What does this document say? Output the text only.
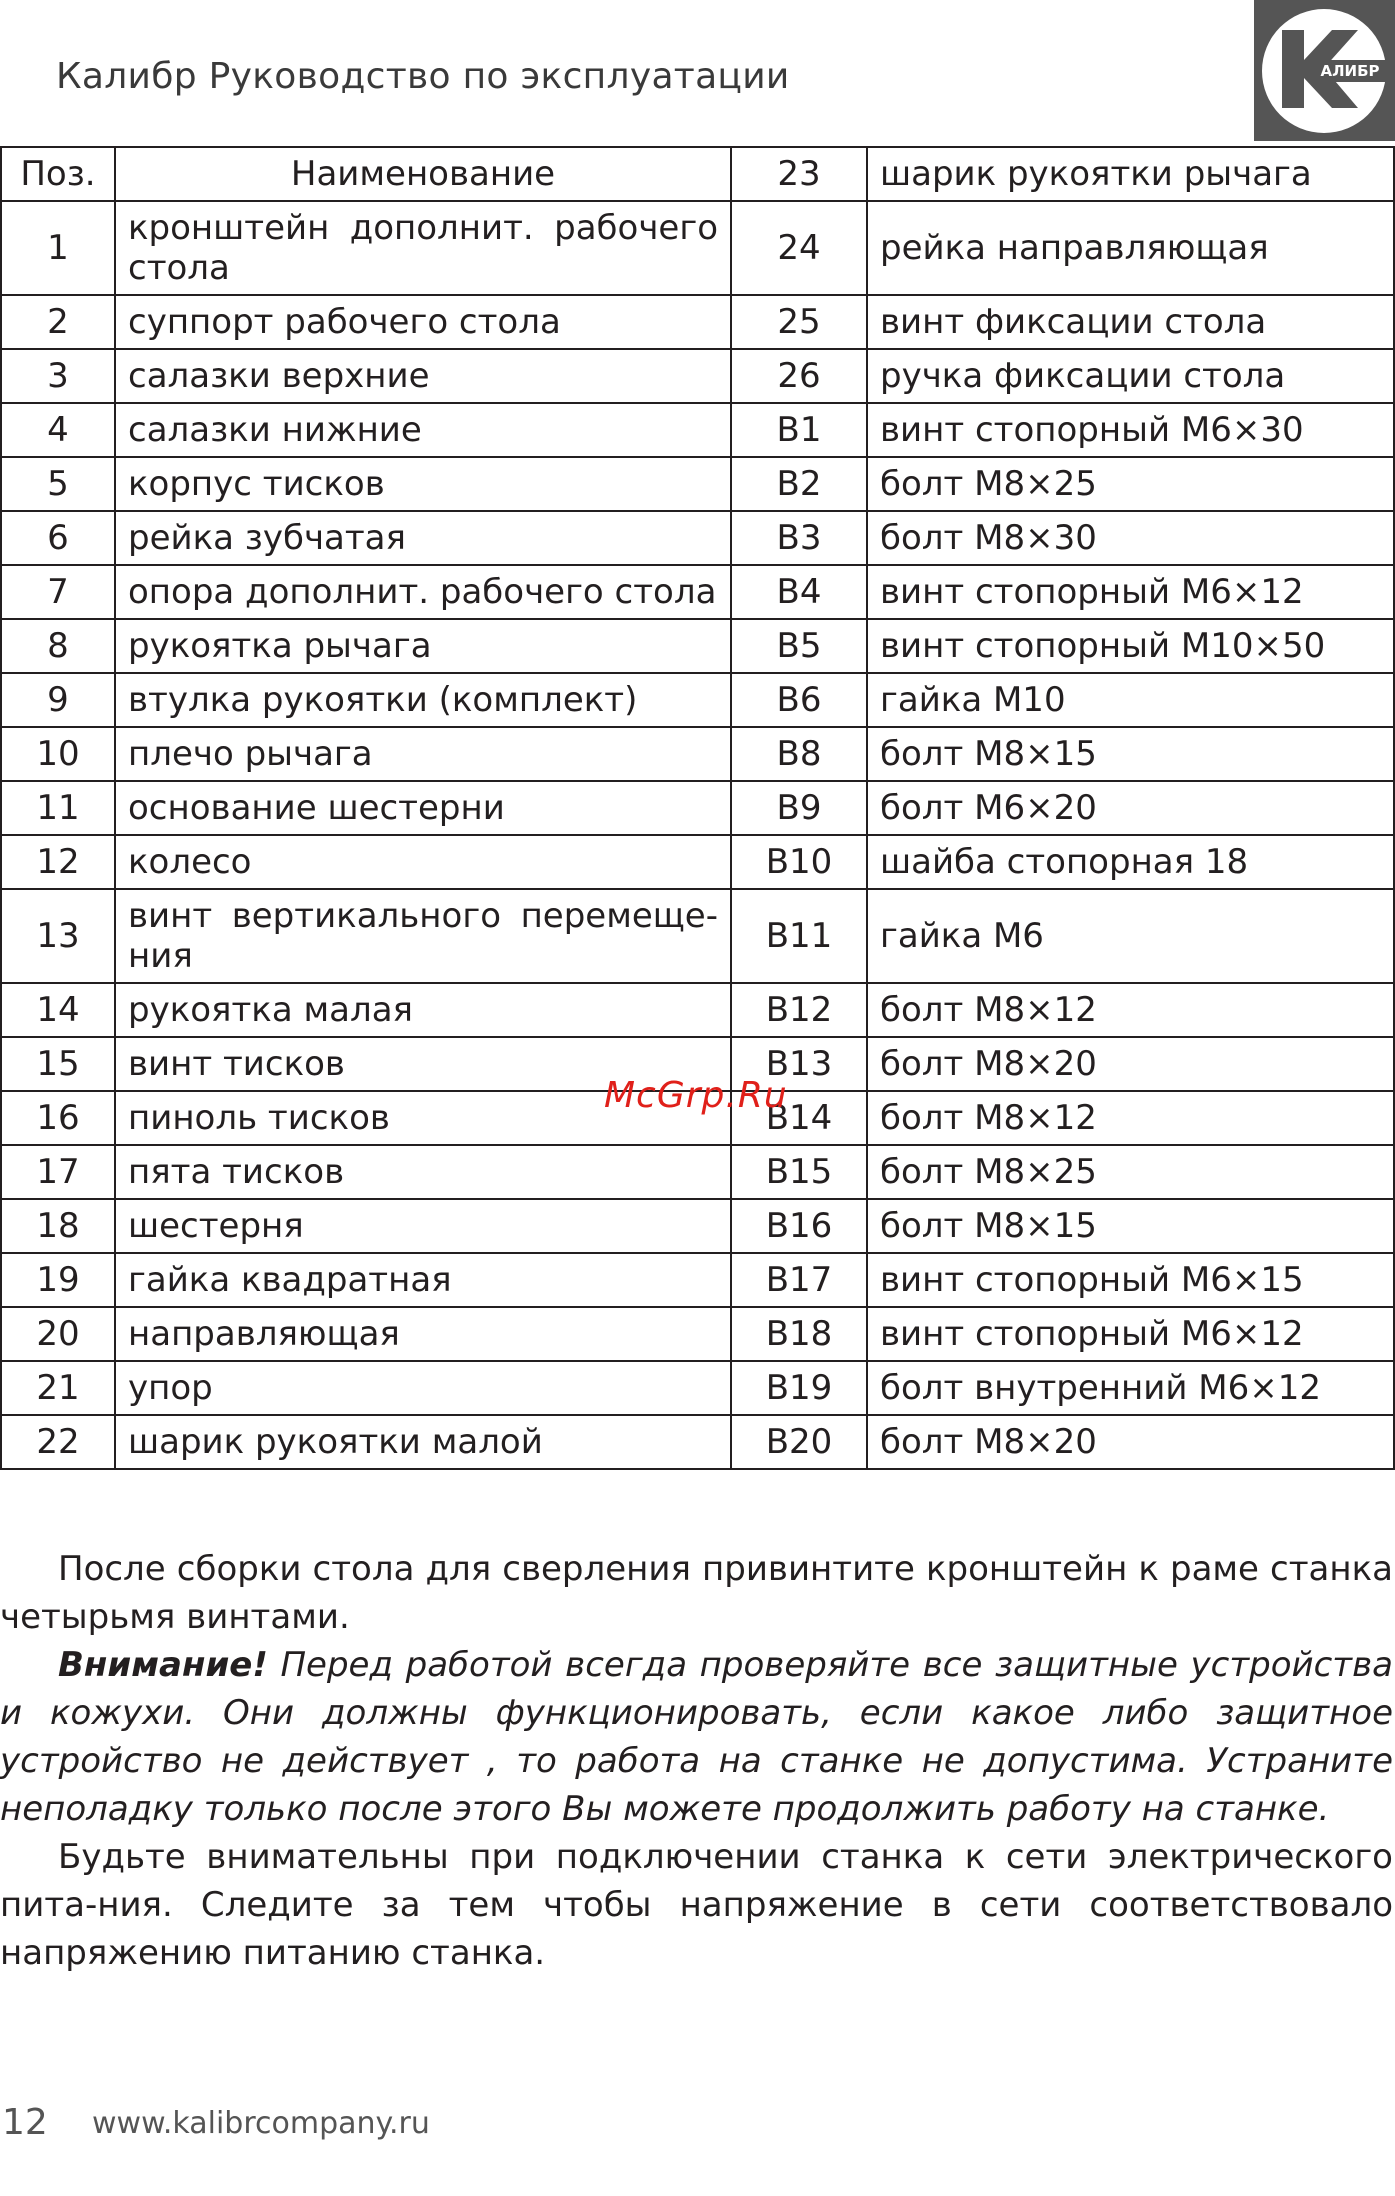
Калибр Руководство по эксплуатации	АЛИБР
Поз.	Наименование	23	шарик рукоятки рычага
1	кронштейн дополнит. рабочего стола	24	рейка направляющая
2	суппорт рабочего стола	25	винт фиксации стола
3	салазки верхние	26	ручка фиксации стола
4	салазки нижние	B1	винт стопорный М6×30
5	корпус тисков	B2	болт М8×25
6	рейка зубчатая	B3	болт М8×30
7	опора дополнит. рабочего стола	B4	винт стопорный М6×12
8	рукоятка рычага	B5	винт стопорный М10×50
9	втулка рукоятки (комплект)	B6	гайка М10
10	плечо рычага	B8	болт М8×15
11	основание шестерни	B9	болт М6×20
12	колесо	B10	шайба стопорная 18
13	винт вертикального перемеще-ния	B11	гайка М6
14	рукоятка малая	B12	болт М8×12
15	винт тисков	B13	болт М8×20
16	пиноль тисков	B14	болт М8×12
17	пята тисков	B15	болт М8×25
18	шестерня	B16	болт М8×15
19	гайка квадратная	B17	винт стопорный М6×15
20	направляющая	B18	винт стопорный М6×12
21	упор	B19	болт внутренний М6×12
22	шарик рукоятки малой	B20	болт М8×20
McGrp.Ru

После сборки стола для сверления привинтите кронштейн к раме станка четырьмя винтами.

Внимание! Перед работой всегда проверяйте все защитные устройства и кожухи. Они должны функционировать, если какое либо защитное устройство не действует , то работа на станке не допустима. Устраните неполадку только после этого Вы можете продолжить работу на станке.

Будьте внимательны при подключении станка к сети электрического пита-ния. Следите за тем чтобы напряжение в сети соответствовало напряжению питанию станка.

12 www.kalibrcompany.ru
